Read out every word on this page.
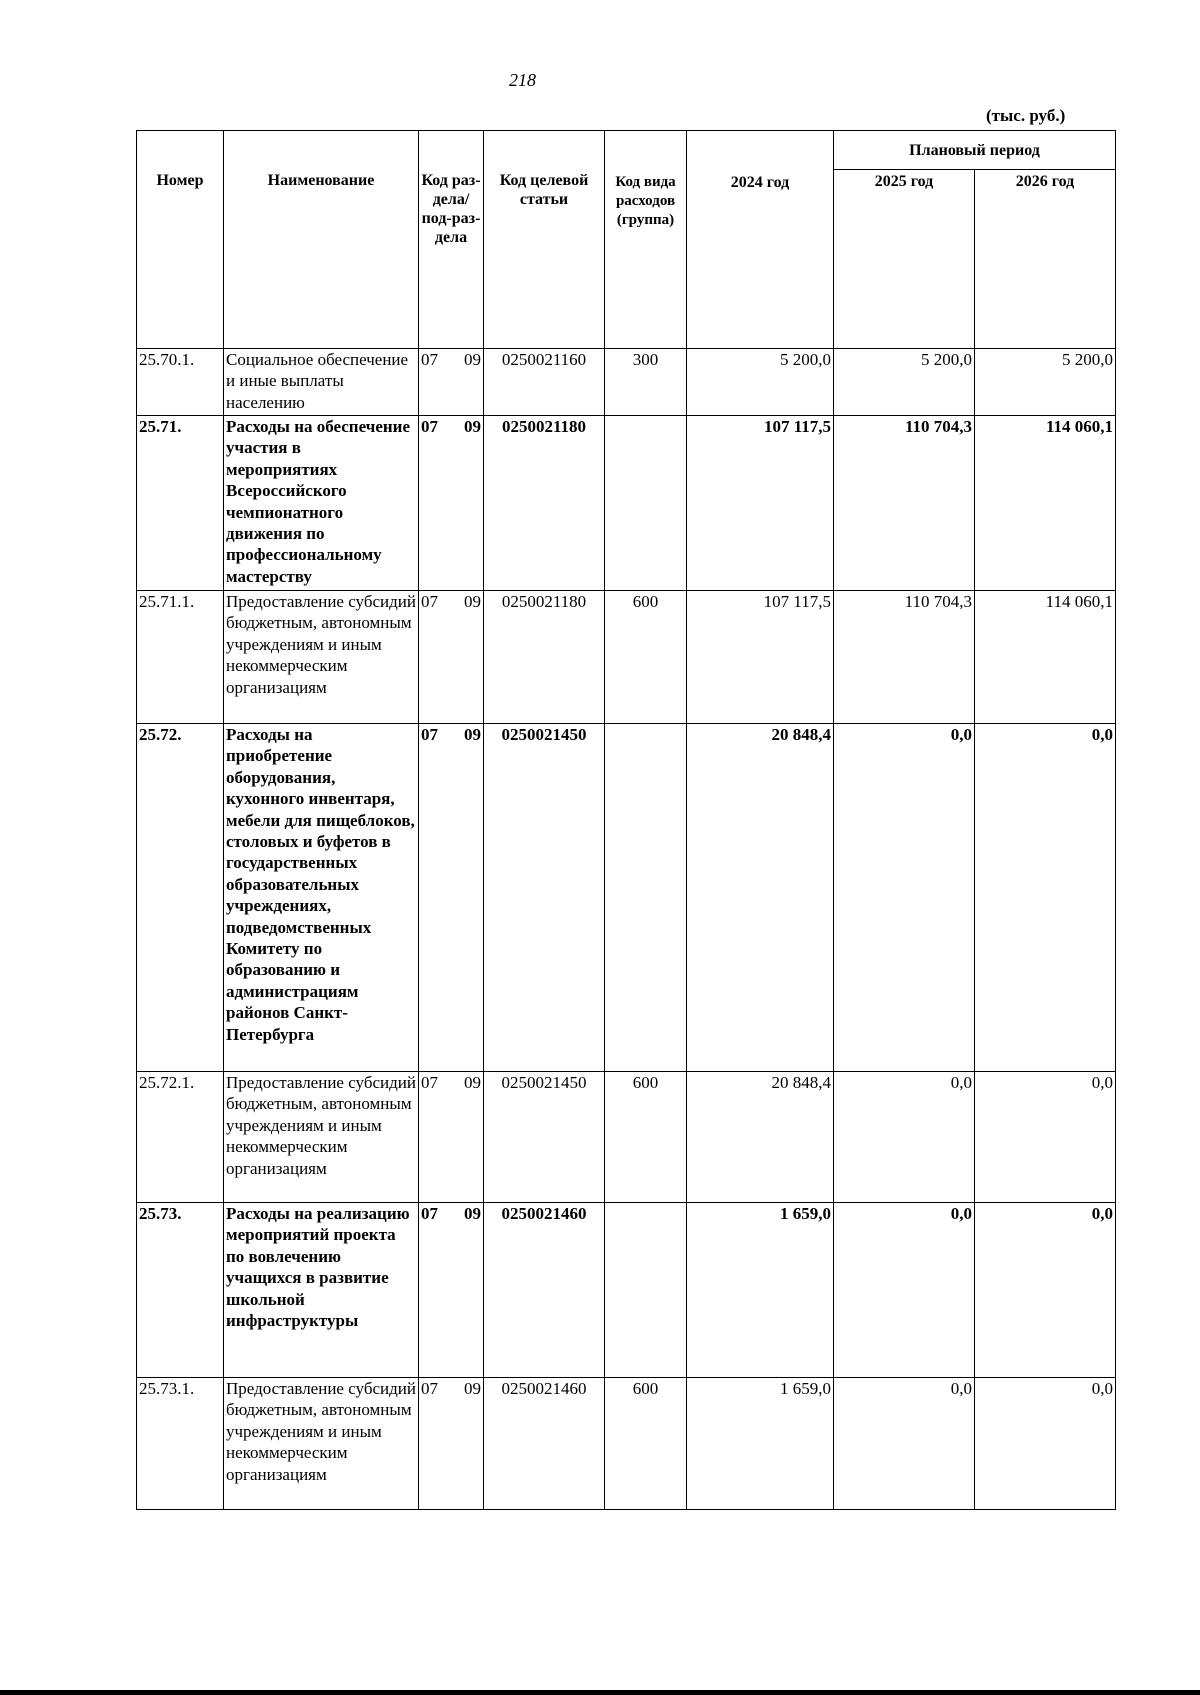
218
(тыс. руб.)
Номер	Наименование	Код раз-дела/ под-раз-дела	Код целевой статьи	Код вида расходов (группа)	2024 год	Плановый период	
						2025 год	2026 год
25.70.1.	Социальное обеспечение и иные выплаты населению	07 09	0250021160	300	5 200,0	5 200,0	5 200,0
25.71.	Расходы на обеспечение участия в мероприятиях Всероссийского чемпионатного движения по профессиональному мастерству	07 09	0250021180		107 117,5	110 704,3	114 060,1
25.71.1.	Предоставление субсидий бюджетным, автономным учреждениям и иным некоммерческим организациям	07 09	0250021180	600	107 117,5	110 704,3	114 060,1
25.72.	Расходы на приобретение оборудования, кухонного инвентаря, мебели для пищеблоков, столовых и буфетов в государственных образовательных учреждениях, подведомственных Комитету по образованию и администрациям районов Санкт-Петербурга	07 09	0250021450		20 848,4	0,0	0,0
25.72.1.	Предоставление субсидий бюджетным, автономным учреждениям и иным некоммерческим организациям	07 09	0250021450	600	20 848,4	0,0	0,0
25.73.	Расходы на реализацию мероприятий проекта по вовлечению учащихся в развитие школьной инфраструктуры	07 09	0250021460		1 659,0	0,0	0,0
25.73.1.	Предоставление субсидий бюджетным, автономным учреждениям и иным некоммерческим организациям	07 09	0250021460	600	1 659,0	0,0	0,0
